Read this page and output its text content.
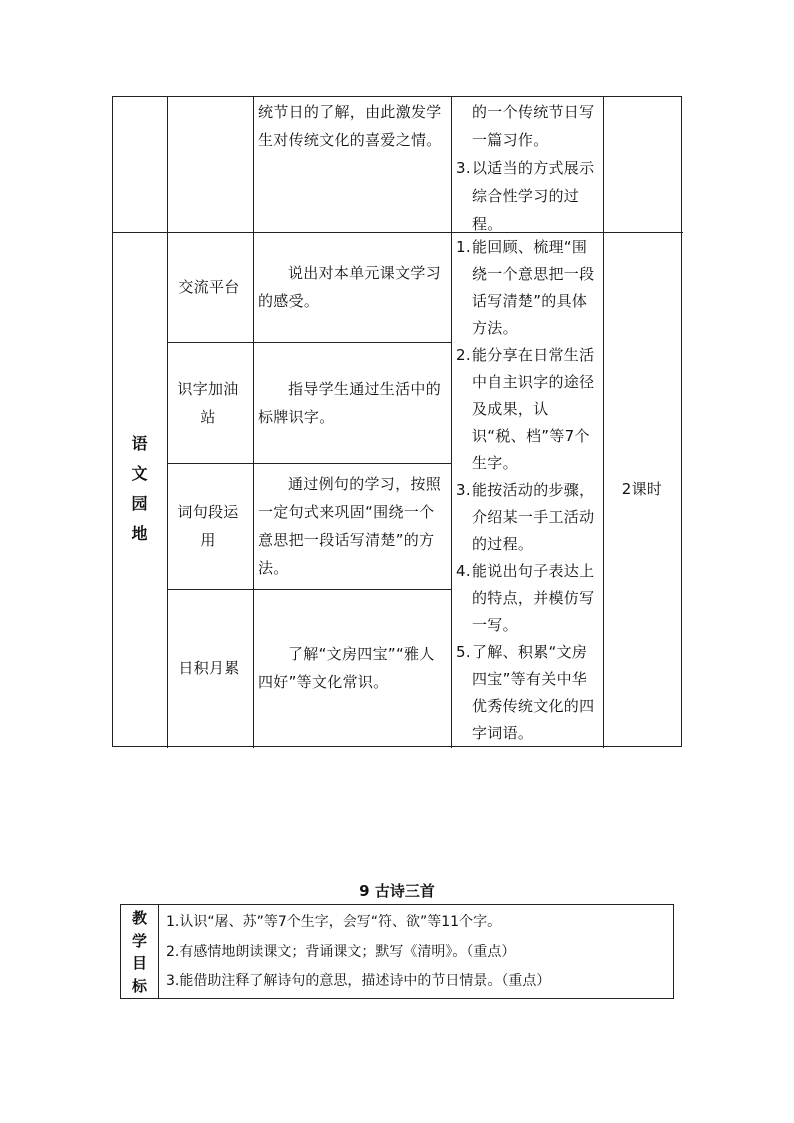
统节日的了解，由此激发学生对传统文化的喜爱之情。
的一个传统节日写一篇习作。
3. 以适当的方式展示综合性学习的过程。
语
文
园
地
交流平台
识字加油站
词句段运用
日积月累
说出对本单元课文学习的感受。
指导学生通过生活中的标牌识字。
通过例句的学习，按照一定句式来巩固“围绕一个意思把一段话写清楚”的方法。
了解“文房四宝”“雅人四好”等文化常识。
1. 能回顾、梳理“围绕一个意思把一段话写清楚”的具体方法。
2. 能分享在日常生活中自主识字的途径及成果，认识“税、档”等7个生字。
3. 能按活动的步骤，介绍某一手工活动的过程。
4. 能说出句子表达上的特点，并模仿写一写。
5. 了解、积累“文房四宝”等有关中华优秀传统文化的四字词语。
2课时
9 古诗三首
教
学
目
标
1.认识“屠、苏”等7个生字，会写“符、欲”等11个字。
2.有感情地朗读课文；背诵课文；默写《清明》。（重点）
3.能借助注释了解诗句的意思，描述诗中的节日情景。（重点）
